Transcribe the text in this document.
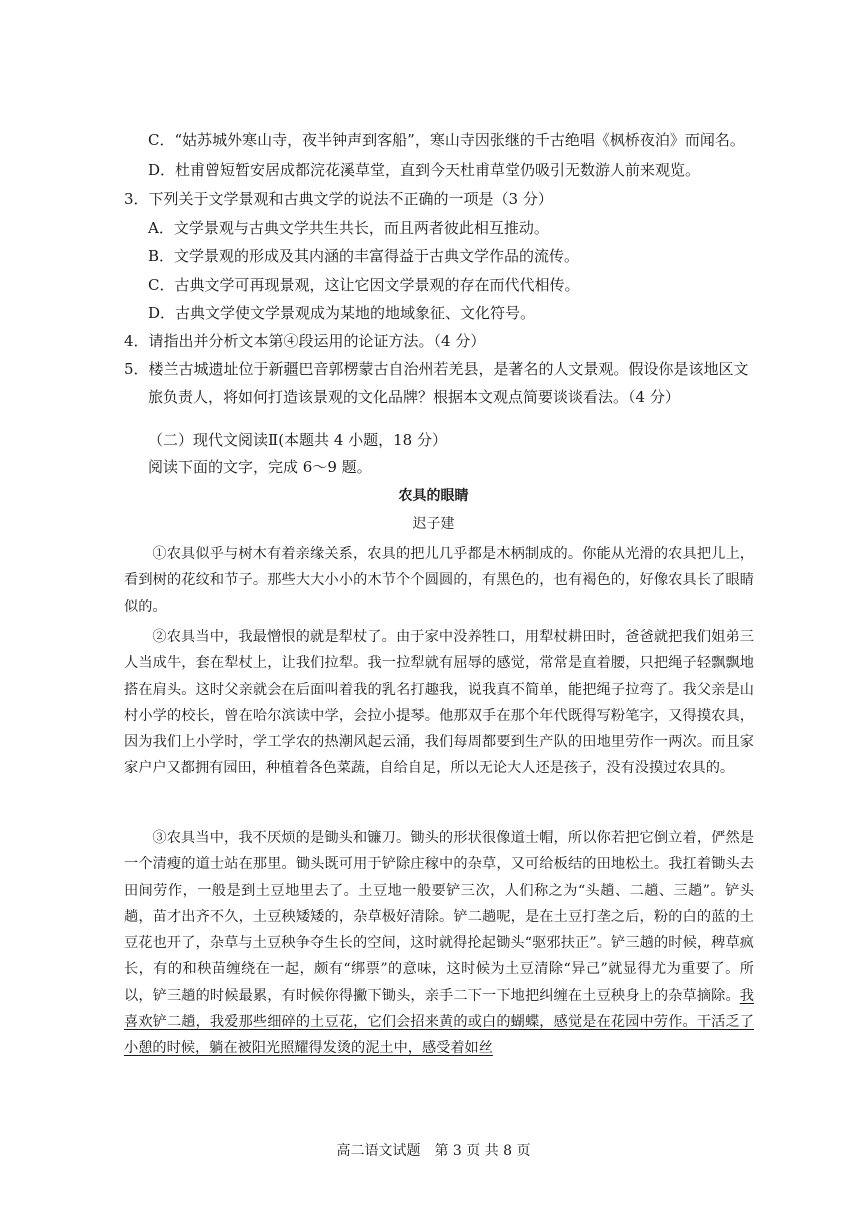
C．“姑苏城外寒山寺，夜半钟声到客船”，寒山寺因张继的千古绝唱《枫桥夜泊》而闻名。
D．杜甫曾短暂安居成都浣花溪草堂，直到今天杜甫草堂仍吸引无数游人前来观览。
3．下列关于文学景观和古典文学的说法不正确的一项是（3 分）
A．文学景观与古典文学共生共长，而且两者彼此相互推动。
B．文学景观的形成及其内涵的丰富得益于古典文学作品的流传。
C．古典文学可再现景观，这让它因文学景观的存在而代代相传。
D．古典文学使文学景观成为某地的地域象征、文化符号。
4．请指出并分析文本第④段运用的论证方法。（4 分）
5．楼兰古城遗址位于新疆巴音郭楞蒙古自治州若羌县，是著名的人文景观。假设你是该地区文
旅负责人，将如何打造该景观的文化品牌？根据本文观点简要谈谈看法。（4 分）
（二）现代文阅读Ⅱ(本题共 4 小题，18 分）
阅读下面的文字，完成 6～9 题。
农具的眼睛
迟子建
①农具似乎与树木有着亲缘关系，农具的把儿几乎都是木柄制成的。你能从光滑的农具把儿上，看到树的花纹和节子。那些大大小小的木节个个圆圆的，有黑色的，也有褐色的，好像农具长了眼睛似的。
②农具当中，我最憎恨的就是犁杖了。由于家中没养牲口，用犁杖耕田时，爸爸就把我们姐弟三人当成牛，套在犁杖上，让我们拉犁。我一拉犁就有屈辱的感觉，常常是直着腰，只把绳子轻飘飘地搭在肩头。这时父亲就会在后面叫着我的乳名打趣我，说我真不简单，能把绳子拉弯了。我父亲是山村小学的校长，曾在哈尔滨读中学，会拉小提琴。他那双手在那个年代既得写粉笔字，又得摸农具，因为我们上小学时，学工学农的热潮风起云涌，我们每周都要到生产队的田地里劳作一两次。而且家家户户又都拥有园田，种植着各色菜蔬，自给自足，所以无论大人还是孩子，没有没摸过农具的。
③农具当中，我不厌烦的是锄头和镰刀。锄头的形状很像道士帽，所以你若把它倒立着，俨然是一个清瘦的道士站在那里。锄头既可用于铲除庄稼中的杂草，又可给板结的田地松土。我扛着锄头去田间劳作，一般是到土豆地里去了。土豆地一般要铲三次，人们称之为“头趟、二趟、三趟”。铲头趟，苗才出齐不久，土豆秧矮矮的，杂草极好清除。铲二趟呢，是在土豆打垄之后，粉的白的蓝的土豆花也开了，杂草与土豆秧争夺生长的空间，这时就得抡起锄头“驱邪扶正”。铲三趟的时候，稗草疯长，有的和秧苗缠绕在一起，颇有“绑票”的意味，这时候为土豆清除“异己”就显得尤为重要了。所以，铲三趟的时候最累，有时候你得撇下锄头，亲手二下一下地把纠缠在土豆秧身上的杂草摘除。我喜欢铲二趟，我爱那些细碎的土豆花，它们会招来黄的或白的蝴蝶，感觉是在花园中劳作。干活乏了小憩的时候，躺在被阳光照耀得发烫的泥土中，感受着如丝
高二语文试题　第 3 页 共 8 页
